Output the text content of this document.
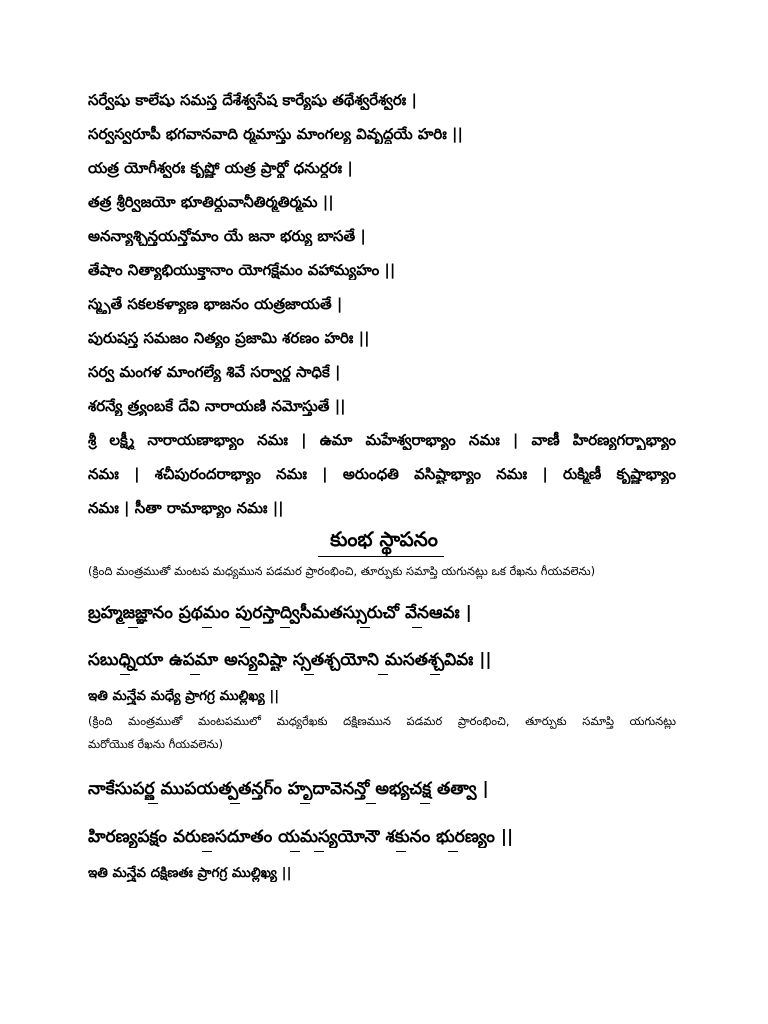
సర్వేషు కాలేషు సమస్త దేశేశ్వసేష కార్యేషు తథేశ్వరేశ్వరః |
సర్వస్వరూపీ భగవానవాది ర్మమాస్తు మాంగల్య వివృద్ధయే హరిః ||
యత్ర యోగీశ్వరః కృష్ణో యత్ర ప్రార్థో ధనుర్ధరః |
తత్ర శ్రీర్విజయో భూతిర్ధువానీతిర్మతిర్మమ ||
అనన్యాశ్చిన్తయన్తోమాం యే జనా భర్యు బాసతే |
తేషాం నిత్యాభియుక్తానాం యోగక్షేమం వహామ్యహం ||
స్మృతే సకలకళ్యాణ భాజనం యత్రజాయతే |
పురుషస్త సమజం నిత్యం ప్రజామి శరణం హరిః ||
సర్వ మంగళ మాంగల్యే శివే సర్వార్థ సాధికే |
శరన్యే త్ర్యంబకే దేవి నారాయణి నమోస్తుతే ||
శ్రీ లక్ష్మీ నారాయణాభ్యాం నమః | ఉమా మహేశ్వరాభ్యాం నమః | వాణీ హిరణ్యగర్భాభ్యాం
నమః | శచీపురందరాభ్యాం నమః | అరుంధతి వసిష్టాభ్యాం నమః | రుక్మిణీ కృష్ణాభ్యాం
నమః | సీతా రామాభ్యాం నమః ||
కుంభ స్థాపనం
(క్రింది మంత్రముతో మంటప మధ్యమున పడమర ప్రారంభించి, తూర్పుకు సమాప్తి యగునట్లు ఒక రేఖను గీయవలెను)
బ్రహ్మజజ్ఞానం ప్రథమం పురస్తాద్విసీమతస్సురుచో వేనఆవః |
సబుధ్నియా ఉపమా అస్యవిష్టా స్సతశ్చయోని మసతశ్చవివః ||
ఇతి మన్త్రేవ మధ్యే ప్రాగగ్ర ముల్లిఖ్య ||
(క్రింది మంత్రముతో మంటపములో మధ్యరేఖకు దక్షిణమున పడమర ప్రారంభించి, తూర్పుకు సమాప్తి యగునట్లు
మరోయొక రేఖను గీయవలెను)
నాకేసుపర్ణ ముపయత్పతన్తగ్ం హృదావెనన్తో అభ్యచక్ష తత్వా |
హిరణ్యపక్షం వరుణసదూతం యమస్యయోనౌ శకునం భురణ్యం ||
ఇతి మన్త్రేవ దక్షిణతః ప్రాగగ్ర ముల్లిఖ్య ||
